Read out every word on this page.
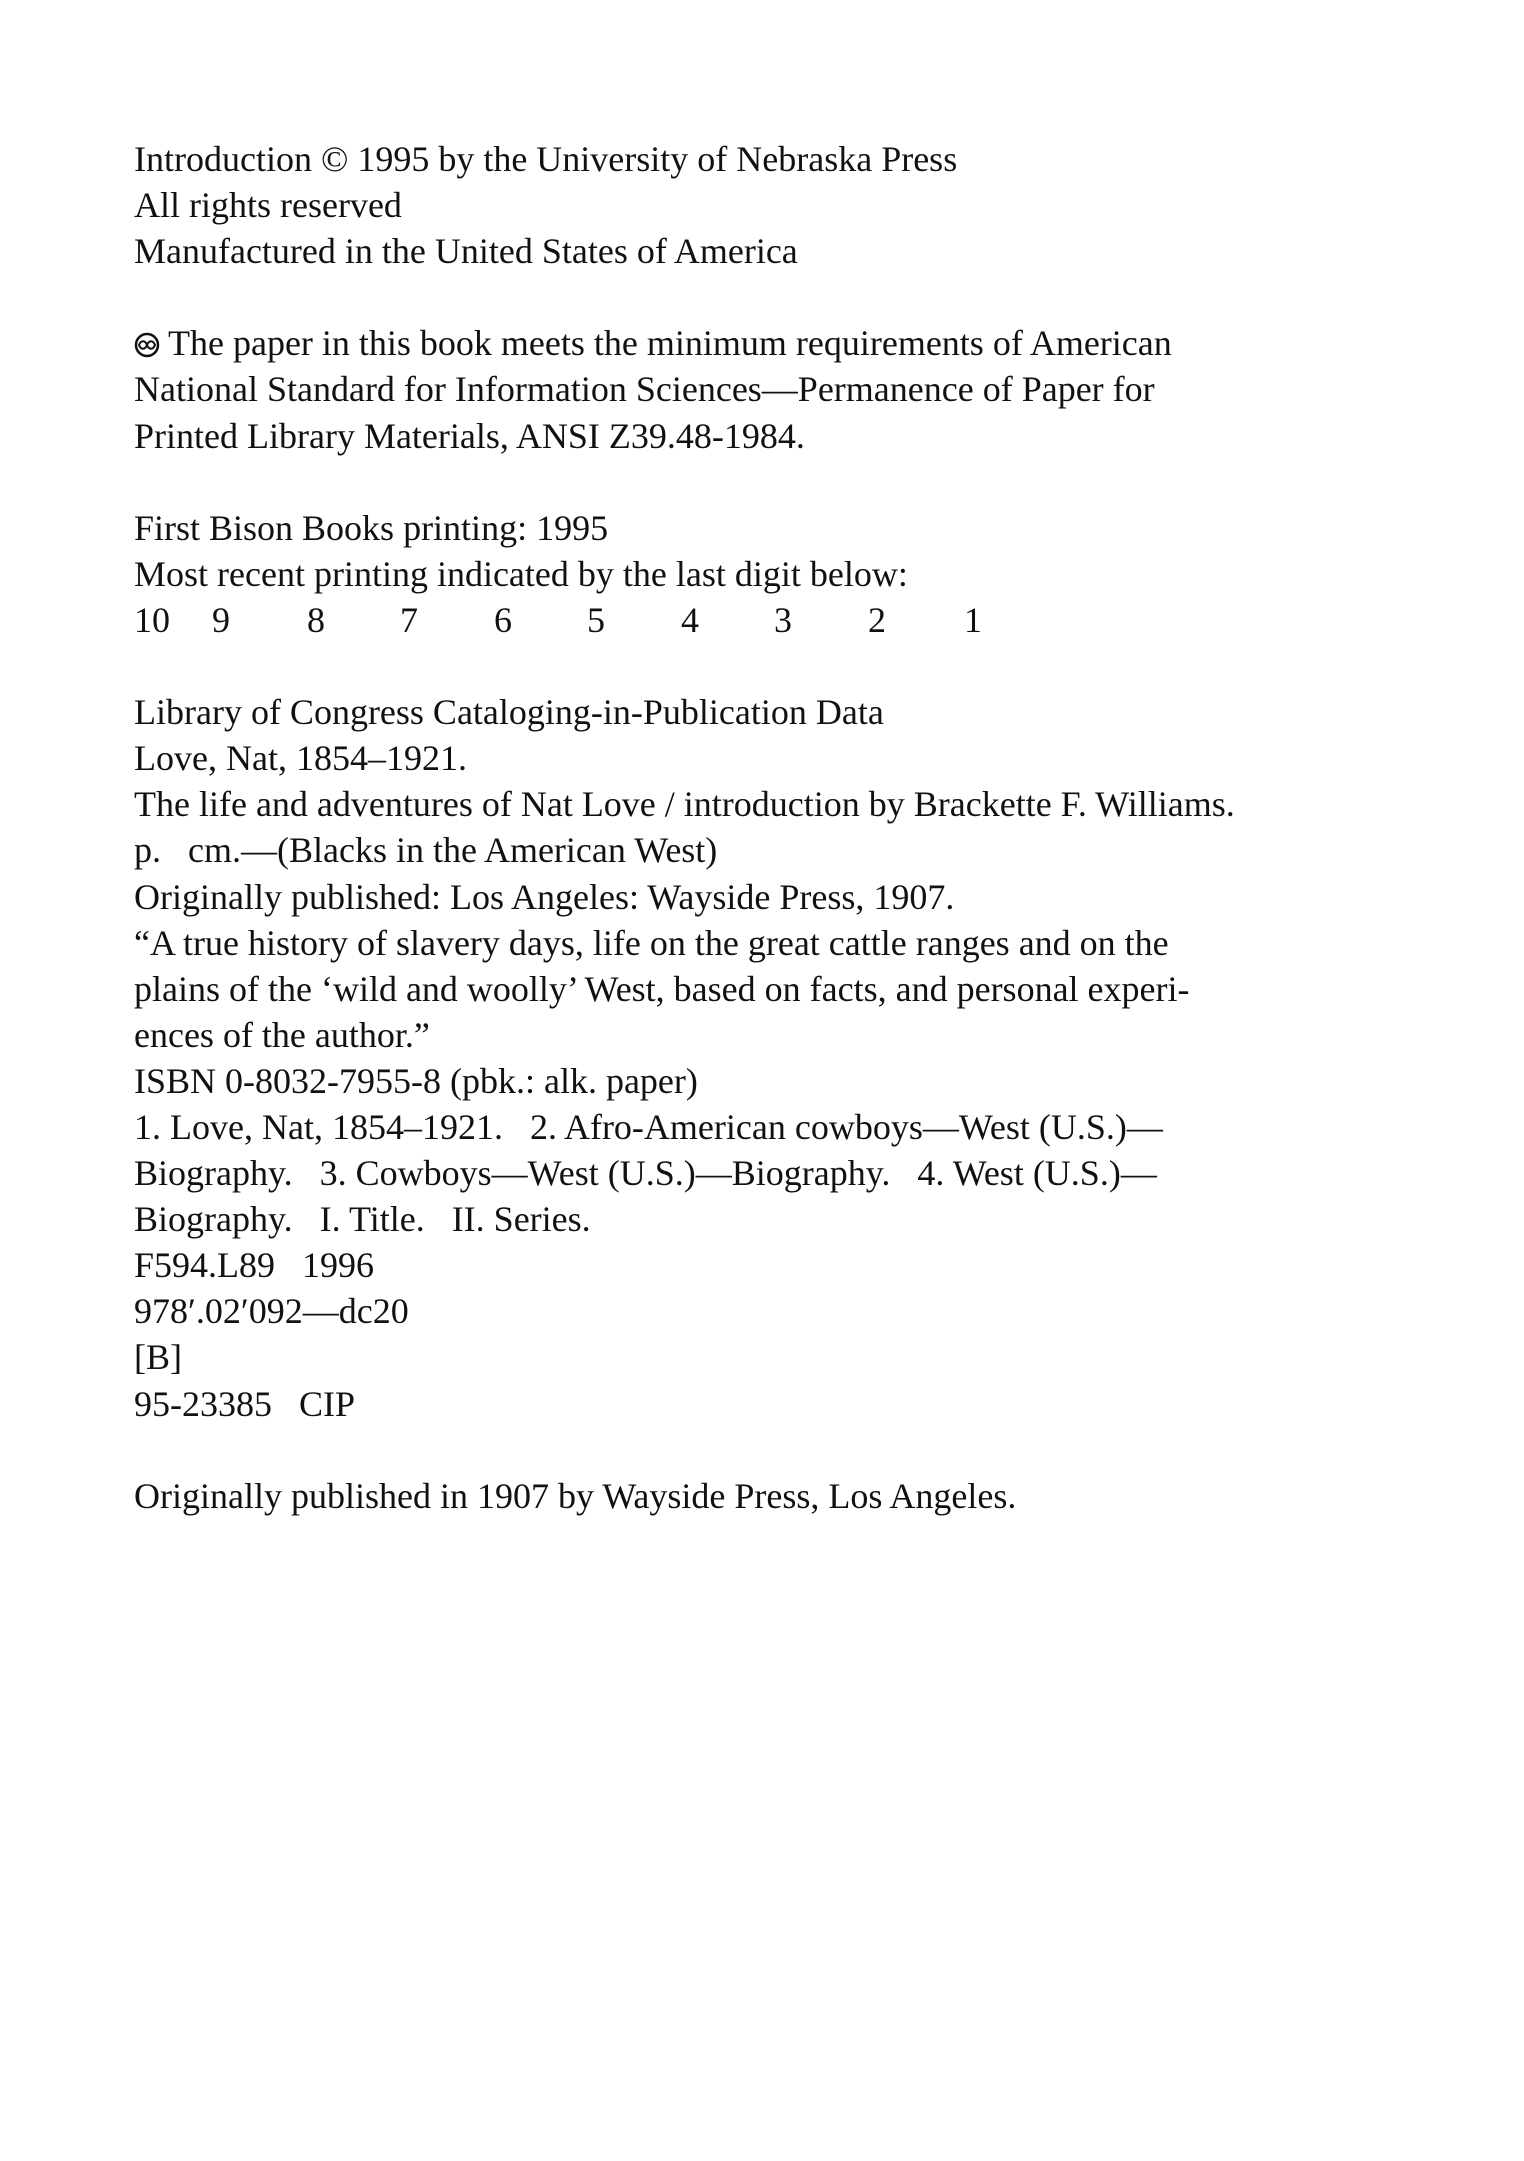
Introduction © 1995 by the University of Nebraska Press
All rights reserved
Manufactured in the United States of America
The paper in this book meets the minimum requirements of American
National Standard for Information Sciences—Permanence of Paper for
Printed Library Materials, ANSI Z39.48-1984.
First Bison Books printing: 1995
Most recent printing indicated by the last digit below:
10 9 8 7 6 5 4 3 2 1
Library of Congress Cataloging-in-Publication Data
Love, Nat, 1854–1921.
The life and adventures of Nat Love / introduction by Brackette F. Williams.
p.   cm.—(Blacks in the American West)
Originally published: Los Angeles: Wayside Press, 1907.
“A true history of slavery days, life on the great cattle ranges and on the
plains of the ‘wild and woolly’ West, based on facts, and personal experi-
ences of the author.”
ISBN 0-8032-7955-8 (pbk.: alk. paper)
1. Love, Nat, 1854–1921.   2. Afro-American cowboys—West (U.S.)—
Biography.   3. Cowboys—West (U.S.)—Biography.   4. West (U.S.)—
Biography.   I. Title.   II. Series.
F594.L89   1996
978′.02′092—dc20
[B]
95-23385   CIP
Originally published in 1907 by Wayside Press, Los Angeles.
